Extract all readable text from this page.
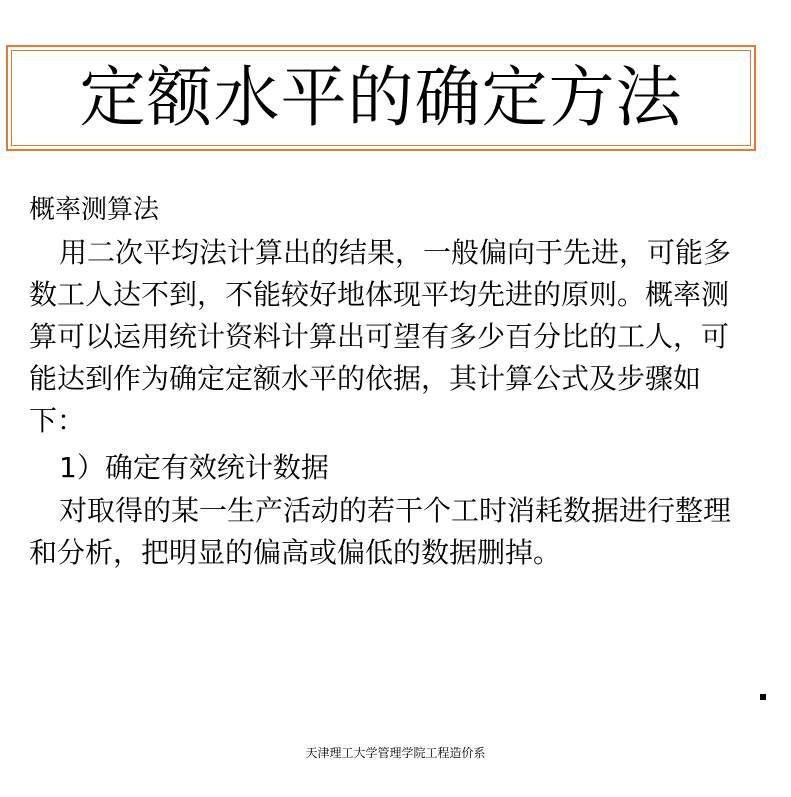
定额水平的确定方法

概率测算法

用二次平均法计算出的结果，一般偏向于先进，可能多数工人达不到，不能较好地体现平均先进的原则。概率测算可以运用统计资料计算出可望有多少百分比的工人，可能达到作为确定定额水平的依据，其计算公式及步骤如下：

1）确定有效统计数据

对取得的某一生产活动的若干个工时消耗数据进行整理和分析，把明显的偏高或偏低的数据删掉。

天津理工大学管理学院工程造价系
